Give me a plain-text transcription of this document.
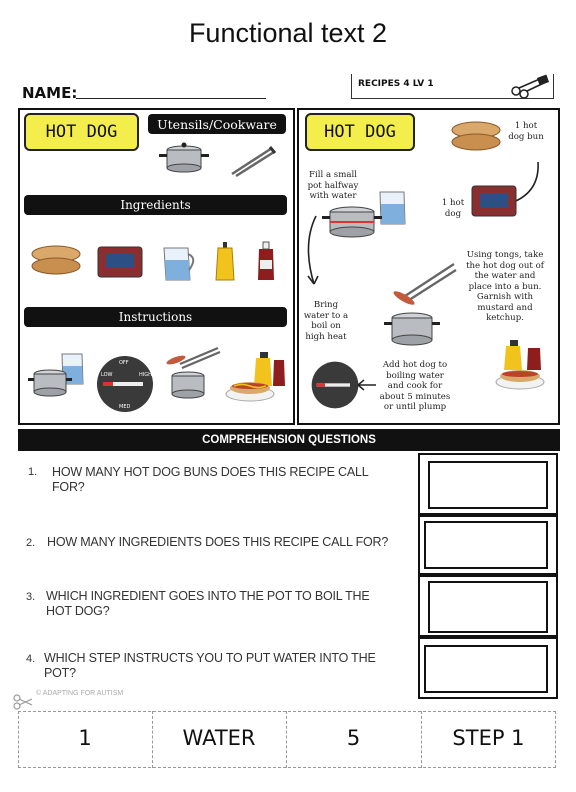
Functional text 2
NAME:	RECIPES 4 LV 1
HOT DOG	Utensils/Cookware
Ingredients
Instructions
OFF
LOW	HIGH
MED
HOT DOG	1 hot dog bun
Fill a small pot halfway with water
1 hot dog
Using tongs, take the hot dog out of the water and place into a bun. Garnish with mustard and ketchup.
Bring water to a boil on high heat
Add hot dog to boiling water and cook for about 5 minutes or until plump
COMPREHENSION QUESTIONS
1. HOW MANY HOT DOG BUNS DOES THIS RECIPE CALL FOR?
2. HOW MANY INGREDIENTS DOES THIS RECIPE CALL FOR?
3. WHICH INGREDIENT GOES INTO THE POT TO BOIL THE HOT DOG?
4. WHICH STEP INSTRUCTS YOU TO PUT WATER INTO THE POT?
© ADAPTING FOR AUTISM
1	WATER	5	STEP 1
